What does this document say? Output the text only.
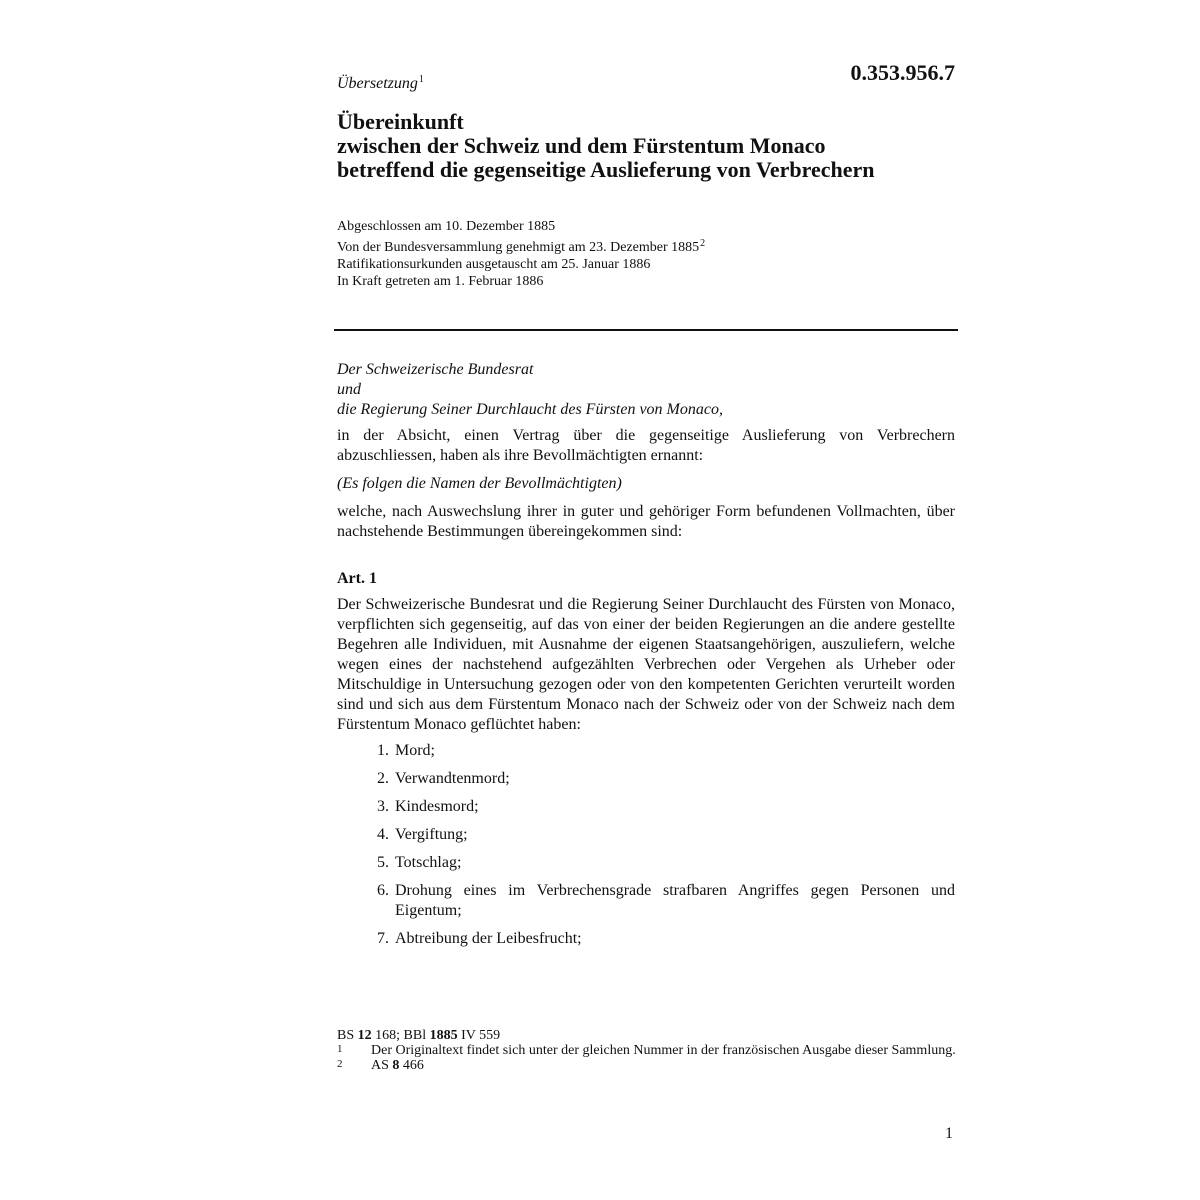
Übersetzung$^1$	0.353.956.7
Übereinkunft
zwischen der Schweiz und dem Fürstentum Monaco
betreffend die gegenseitige Auslieferung von Verbrechern
Abgeschlossen am 10. Dezember 1885
Von der Bundesversammlung genehmigt am 23. Dezember 1885$^2$
Ratifikationsurkunden ausgetauscht am 25. Januar 1886
In Kraft getreten am 1. Februar 1886
Der Schweizerische Bundesrat
und
die Regierung Seiner Durchlaucht des Fürsten von Monaco,
in der Absicht, einen Vertrag über die gegenseitige Auslieferung von Verbrechern abzuschliessen, haben als ihre Bevollmächtigten ernannt:
(Es folgen die Namen der Bevollmächtigten)
welche, nach Auswechslung ihrer in guter und gehöriger Form befundenen Vollmachten, über nachstehende Bestimmungen übereingekommen sind:
Art. 1
Der Schweizerische Bundesrat und die Regierung Seiner Durchlaucht des Fürsten von Monaco, verpflichten sich gegenseitig, auf das von einer der beiden Regierungen an die andere gestellte Begehren alle Individuen, mit Ausnahme der eigenen Staatsangehörigen, auszuliefern, welche wegen eines der nachstehend aufgezählten Verbrechen oder Vergehen als Urheber oder Mitschuldige in Untersuchung gezogen oder von den kompetenten Gerichten verurteilt worden sind und sich aus dem Fürstentum Monaco nach der Schweiz oder von der Schweiz nach dem Fürstentum Monaco geflüchtet haben:
1. Mord;
2. Verwandtenmord;
3. Kindesmord;
4. Vergiftung;
5. Totschlag;
6. Drohung eines im Verbrechensgrade strafbaren Angriffes gegen Personen und Eigentum;
7. Abtreibung der Leibesfrucht;
BS 12 168; BBl 1885 IV 559
1	Der Originaltext findet sich unter der gleichen Nummer in der französischen Ausgabe dieser Sammlung.
2	AS 8 466
1
